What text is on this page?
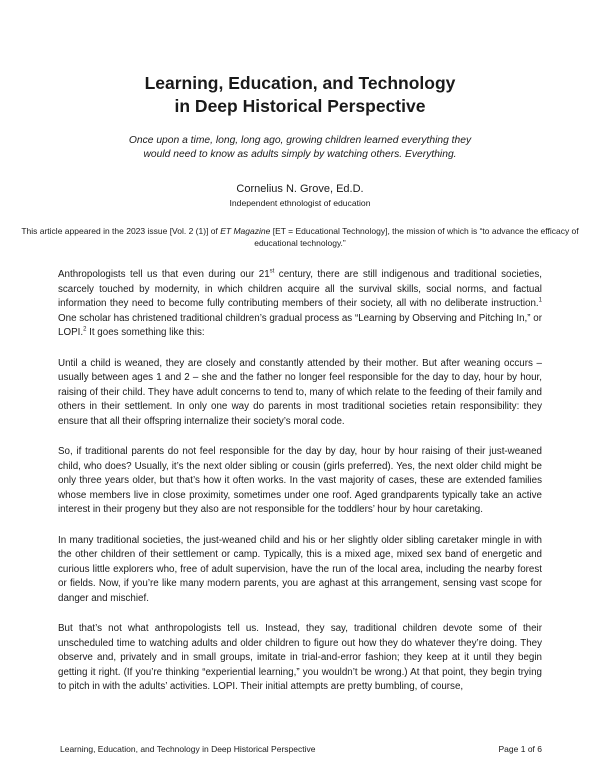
Learning, Education, and Technology
in Deep Historical Perspective
Once upon a time, long, long ago, growing children learned everything they
would need to know as adults simply by watching others. Everything.
Cornelius N. Grove, Ed.D.
Independent ethnologist of education
This article appeared in the 2023 issue [Vol. 2 (1)] of ET Magazine [ET = Educational Technology], the mission of which is “to advance the efficacy of educational technology.”

Anthropologists tell us that even during our 21st century, there are still indigenous and traditional societies, scarcely touched by modernity, in which children acquire all the survival skills, social norms, and factual information they need to become fully contributing members of their society, all with no deliberate instruction.$^1$ One scholar has christened traditional children’s gradual process as “Learning by Observing and Pitching In,” or LOPI.$^2$ It goes something like this:

Until a child is weaned, they are closely and constantly attended by their mother. But after weaning occurs – usually between ages 1 and 2 – she and the father no longer feel responsible for the day to day, hour by hour, raising of their child. They have adult concerns to tend to, many of which relate to the feeding of their family and others in their settlement. In only one way do parents in most traditional societies retain responsibility: they ensure that all their offspring internalize their society’s moral code.

So, if traditional parents do not feel responsible for the day by day, hour by hour raising of their just-weaned child, who does? Usually, it’s the next older sibling or cousin (girls preferred). Yes, the next older child might be only three years older, but that’s how it often works. In the vast majority of cases, these are extended families whose members live in close proximity, sometimes under one roof. Aged grandparents typically take an active interest in their progeny but they also are not responsible for the toddlers’ hour by hour caretaking.

In many traditional societies, the just-weaned child and his or her slightly older sibling caretaker mingle in with the other children of their settlement or camp. Typically, this is a mixed age, mixed sex band of energetic and curious little explorers who, free of adult supervision, have the run of the local area, including the nearby forest or fields. Now, if you’re like many modern parents, you are aghast at this arrangement, sensing vast scope for danger and mischief.

But that’s not what anthropologists tell us. Instead, they say, traditional children devote some of their unscheduled time to watching adults and older children to figure out how they do whatever they’re doing. They observe and, privately and in small groups, imitate in trial-and-error fashion; they keep at it until they begin getting it right. (If you’re thinking “experiential learning,” you wouldn’t be wrong.) At that point, they begin trying to pitch in with the adults’ activities. LOPI. Their initial attempts are pretty bumbling, of course,

Learning, Education, and Technology in Deep Historical Perspective	Page 1 of 6
